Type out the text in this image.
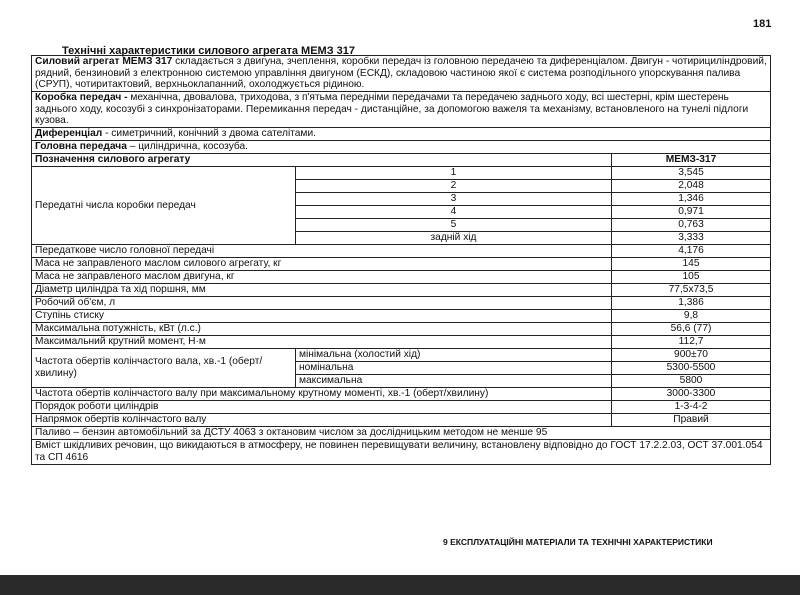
181
Технічні характеристики силового агрегата МЕМЗ 317
Силовий агрегат МЕМЗ 317 складається з двигуна, зчеплення, коробки передач із головною передачею та диференціалом. Двигун - чотирициліндровий, рядний, бензиновий з електронною системою управління двигуном (ЕСКД), складовою частиною якої є система розподільного упорскування палива (СРУП), чотиритактовий, верхньоклапанний, охолоджується рідиною.		
Коробка передач - механічна, двовалова, триходова, з п'ятьма передніми передачами та передачею заднього ходу, всі шестерні, крім шестерень заднього ходу, косозубі з синхронізаторами. Перемикання передач - дистанційне, за допомогою важеля та механізму, встановленого на тунелі підлоги кузова.		
Диференціал - симетричний, конічний з двома сателітами.		
Головна передача – циліндрична, косозуба.		
Позначення силового агрегату		МЕМЗ-317
Передатні числа коробки передач	1	3,545
	2	2,048
	3	1,346
	4	0,971
	5	0,763
	задній хід	3,333
Передаткове число головної передачі		4,176
Маса не заправленого маслом силового агрегату, кг		145
Маса не заправленого маслом двигуна, кг		105
Діаметр циліндра та хід поршня, мм		77,5x73,5
Робочий об'єм, л		1,386
Ступінь стиску		9,8
Максимальна потужність, кВт (л.с.)		56,6 (77)
Максимальний крутний момент, Н·м		112,7
Частота обертів колінчастого вала, хв.-1 (оберт/хвилину)	мінімальна (холостий хід)	900±70
	номінальна	5300-5500
	максимальна	5800
Частота обертів колінчастого валу при максимальному крутному моменті, хв.-1 (оберт/хвилину)		3000-3300
Порядок роботи циліндрів		1-3-4-2
Напрямок обертів колінчастого валу		Правий
Паливо – бензин автомобільний за ДСТУ 4063 з октановим числом за дослідницьким методом не менше 95		
Вміст шкідливих речовин, що викидаються в атмосферу, не повинен перевищувати величину, встановлену відповідно до ГОСТ 17.2.2.03, ОСТ 37.001.054 та СП 4616		
9 ЕКСПЛУАТАЦІЙНІ МАТЕРІАЛИ ТА ТЕХНІЧНІ ХАРАКТЕРИСТИКИ
